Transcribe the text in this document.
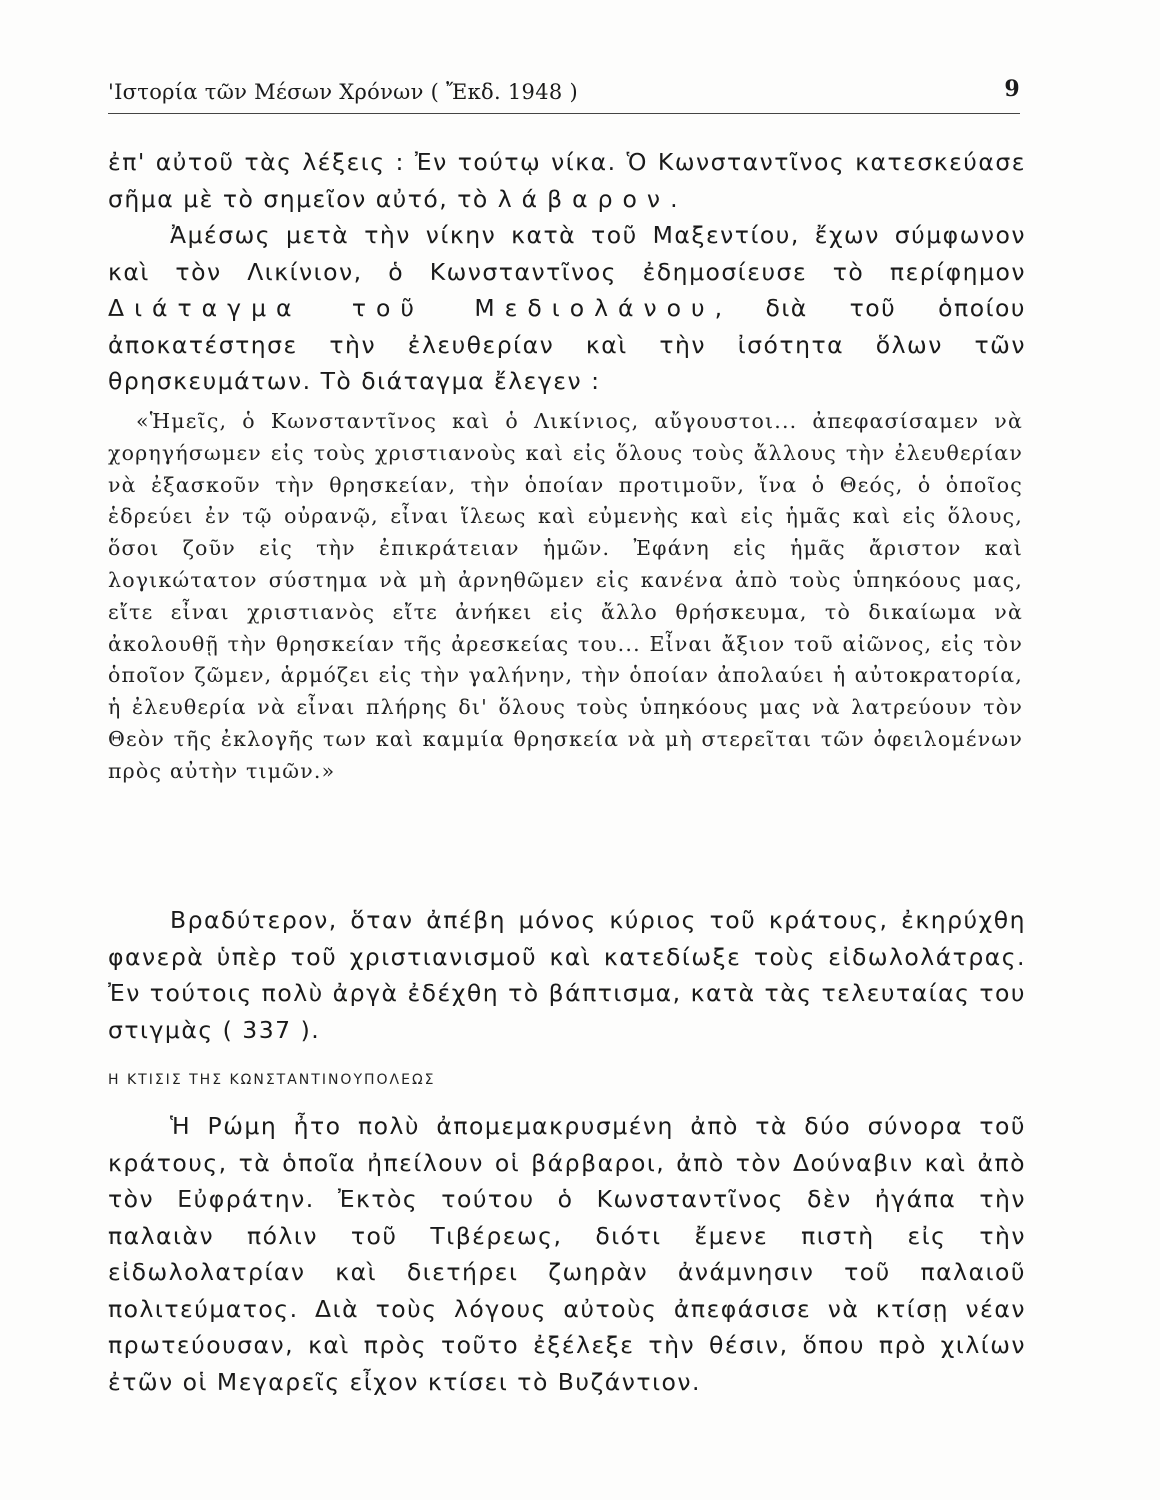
'Ιστορία τῶν Μέσων Χρόνων ( Ἔκδ. 1948 )	9

ἐπ' αὐτοῦ τὰς λέξεις : Ἐν τούτῳ νίκα. Ὁ Κωνσταντῖνος κατεσκεύασε σῆμα μὲ τὸ σημεῖον αὐτό, τὸ λάβαρον.

Ἀμέσως μετὰ τὴν νίκην κατὰ τοῦ Μαξεντίου, ἔχων σύμφωνον καὶ τὸν Λικίνιον, ὁ Κωνσταντῖνος ἐδημοσίευσε τὸ περίφημον Διάταγμα τοῦ Μεδιολάνου, διὰ τοῦ ὁποίου ἀποκατέστησε τὴν ἐλευθερίαν καὶ τὴν ἰσότητα ὅλων τῶν θρησκευμάτων. Τὸ διάταγμα ἔλεγεν :

«Ἡμεῖς, ὁ Κωνσταντῖνος καὶ ὁ Λικίνιος, αὔγουστοι... ἀπεφασίσαμεν νὰ χορηγήσωμεν εἰς τοὺς χριστιανοὺς καὶ εἰς ὅλους τοὺς ἄλλους τὴν ἐλευθερίαν νὰ ἐξασκοῦν τὴν θρησκείαν, τὴν ὁποίαν προτιμοῦν, ἵνα ὁ Θεός, ὁ ὁποῖος ἑδρεύει ἐν τῷ οὐρανῷ, εἶναι ἵλεως καὶ εὐμενὴς καὶ εἰς ἡμᾶς καὶ εἰς ὅλους, ὅσοι ζοῦν εἰς τὴν ἐπικράτειαν ἡμῶν. Ἐφάνη εἰς ἡμᾶς ἄριστον καὶ λογικώτατον σύστημα νὰ μὴ ἀρνηθῶμεν εἰς κανένα ἀπὸ τοὺς ὑπηκόους μας, εἴτε εἶναι χριστιανὸς εἴτε ἀνήκει εἰς ἄλλο θρήσκευμα, τὸ δικαίωμα νὰ ἀκολουθῇ τὴν θρησκείαν τῆς ἀρεσκείας του... Εἶναι ἄξιον τοῦ αἰῶνος, εἰς τὸν ὁποῖον ζῶμεν, ἁρμόζει εἰς τὴν γαλήνην, τὴν ὁποίαν ἀπολαύει ἡ αὐτοκρατορία, ἡ ἐλευθερία νὰ εἶναι πλήρης δι' ὅλους τοὺς ὑπηκόους μας νὰ λατρεύουν τὸν Θεὸν τῆς ἐκλογῆς των καὶ καμμία θρησκεία νὰ μὴ στερεῖται τῶν ὀφειλομένων πρὸς αὐτὴν τιμῶν.»

Βραδύτερον, ὅταν ἀπέβη μόνος κύριος τοῦ κράτους, ἐκηρύχθη φανερὰ ὑπὲρ τοῦ χριστιανισμοῦ καὶ κατεδίωξε τοὺς εἰδωλολάτρας. Ἐν τούτοις πολὺ ἀργὰ ἐδέχθη τὸ βάπτισμα, κατὰ τὰς τελευταίας του στιγμὰς ( 337 ).

Η ΚΤΙΣΙΣ ΤΗΣ ΚΩΝΣΤΑΝΤΙΝΟΥΠΟΛΕΩΣ

Ἡ Ρώμη ἦτο πολὺ ἀπομεμακρυσμένη ἀπὸ τὰ δύο σύνορα τοῦ κράτους, τὰ ὁποῖα ἠπείλουν οἱ βάρβαροι, ἀπὸ τὸν Δούναβιν καὶ ἀπὸ τὸν Εὐφράτην. Ἐκτὸς τούτου ὁ Κωνσταντῖνος δὲν ἠγάπα τὴν παλαιὰν πόλιν τοῦ Τιβέρεως, διότι ἔμενε πιστὴ εἰς τὴν εἰδωλολατρίαν καὶ διετήρει ζωηρὰν ἀνάμνησιν τοῦ παλαιοῦ πολιτεύματος. Διὰ τοὺς λόγους αὐτοὺς ἀπεφάσισε νὰ κτίσῃ νέαν πρωτεύουσαν, καὶ πρὸς τοῦτο ἐξέλεξε τὴν θέσιν, ὅπου πρὸ χιλίων ἐτῶν οἱ Μεγαρεῖς εἶχον κτίσει τὸ Βυζάντιον.
